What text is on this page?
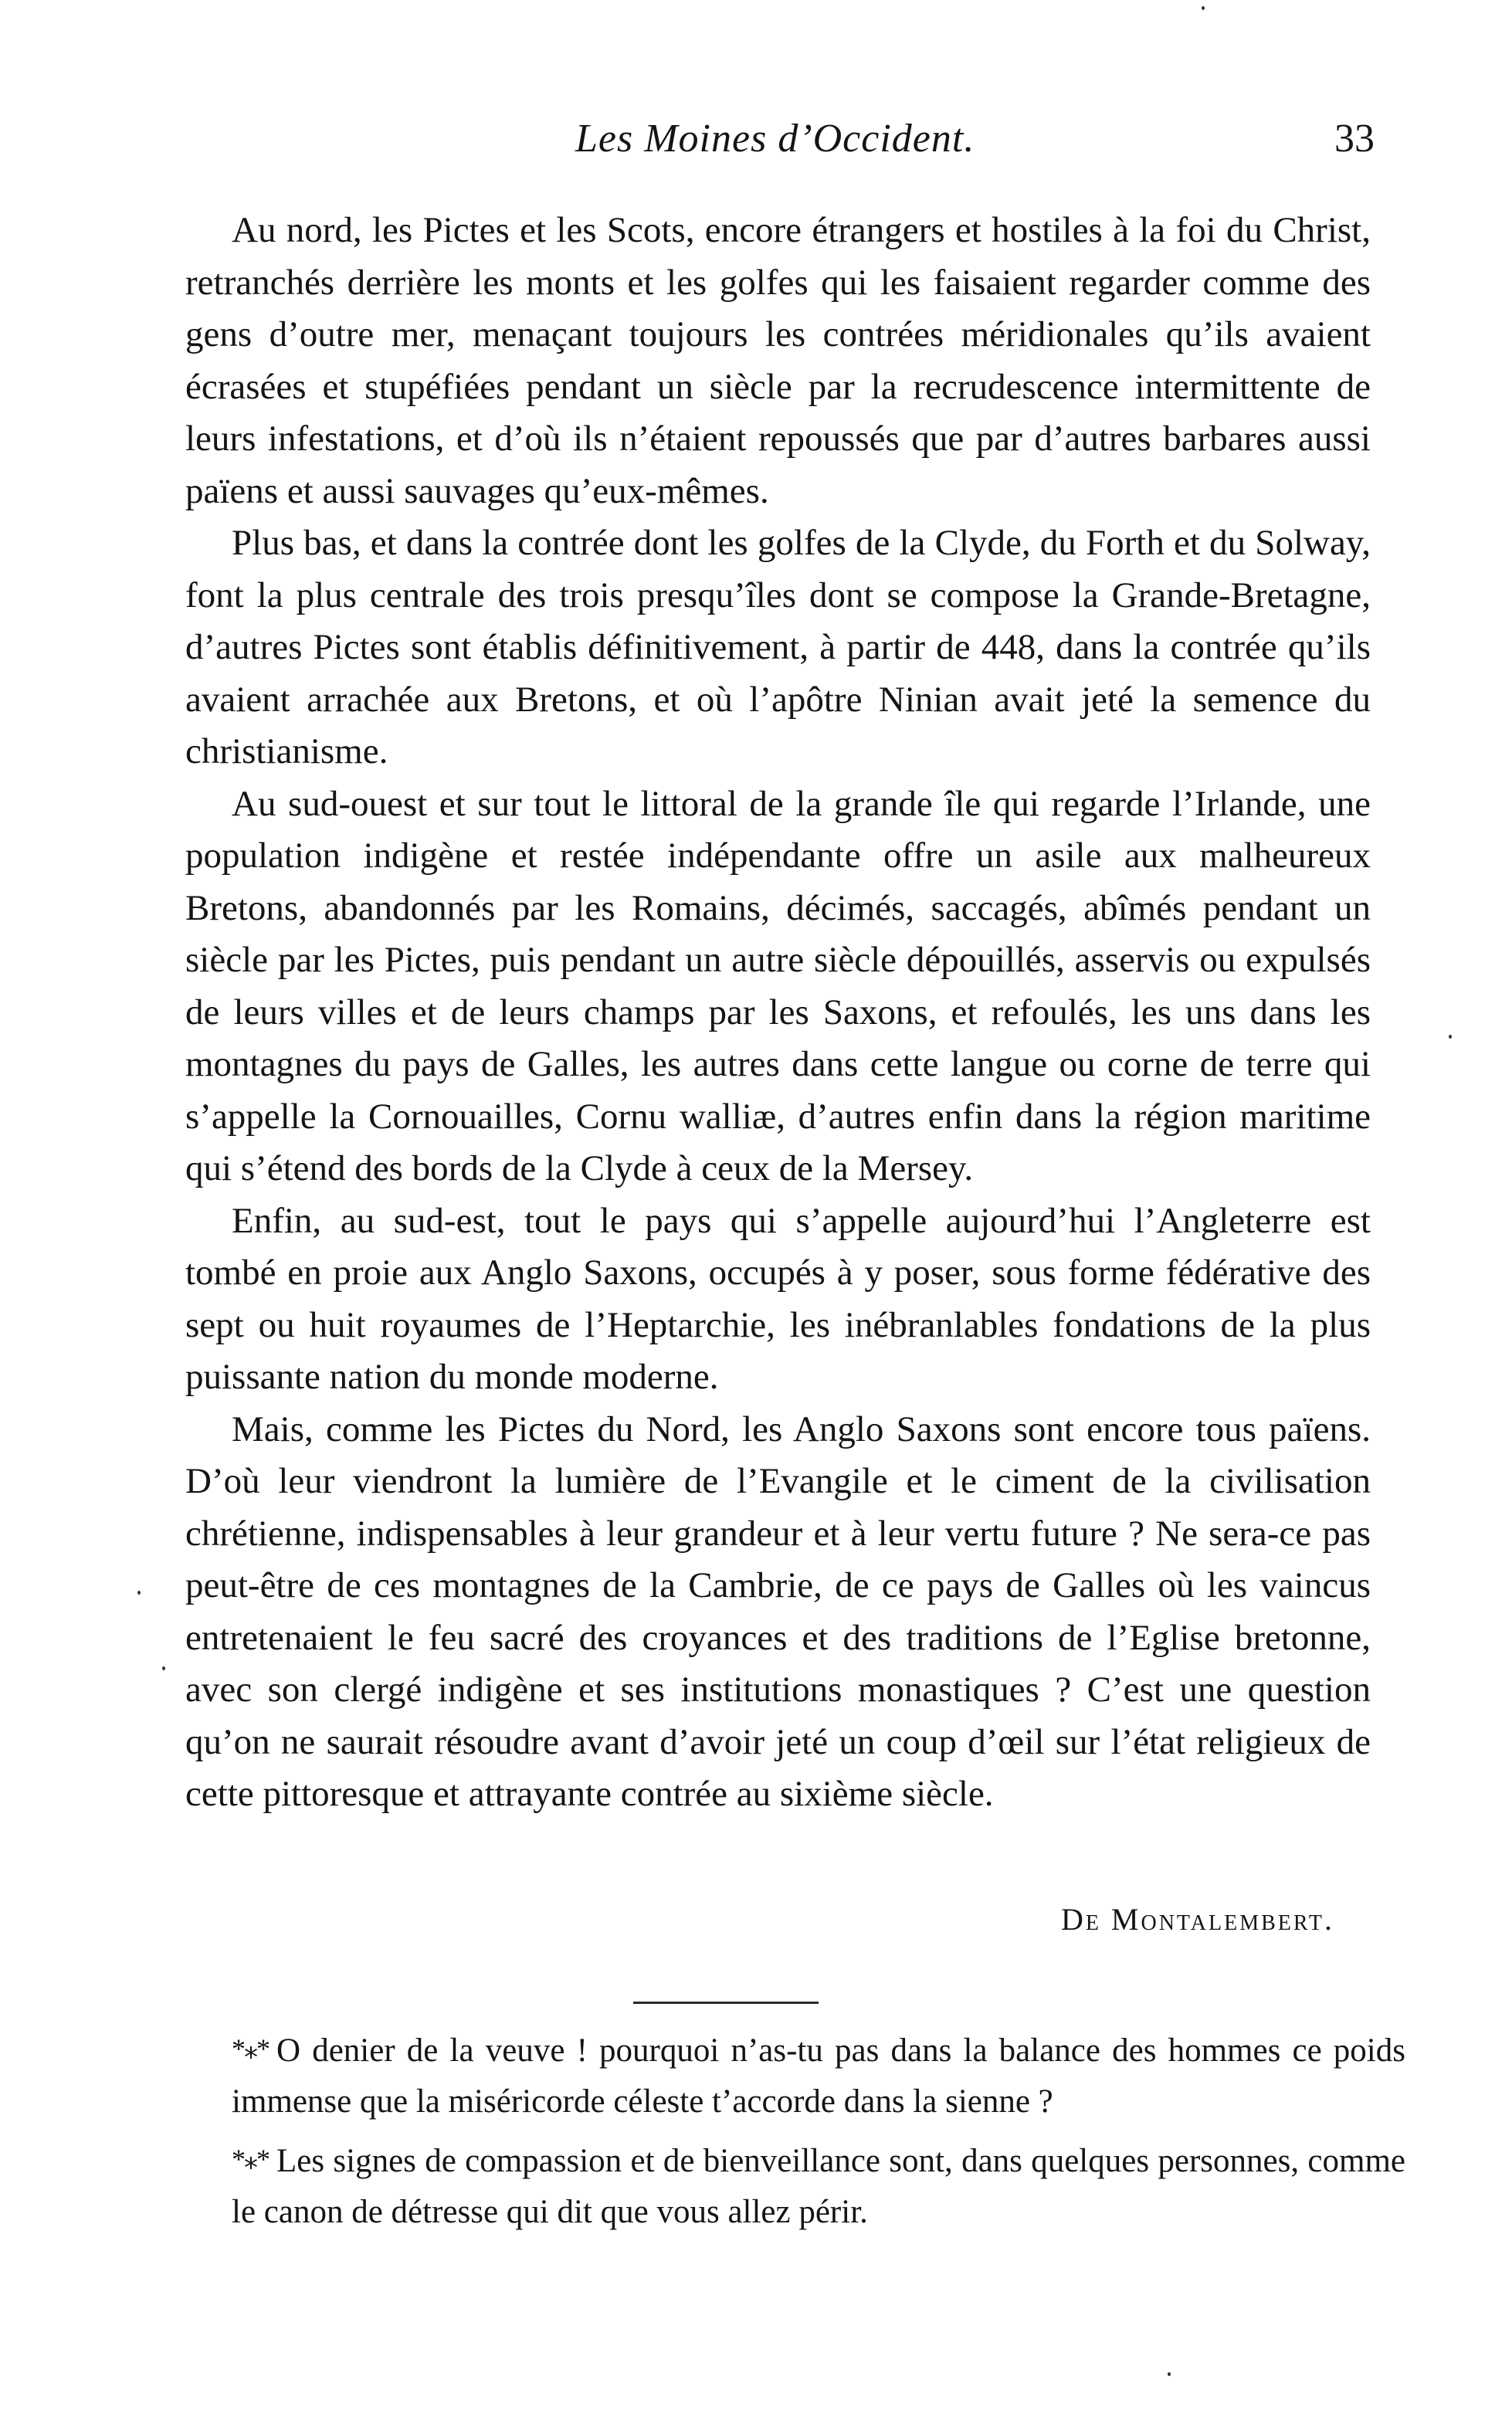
Les Moines d’Occident.	33

Au nord, les Pictes et les Scots, encore étrangers et hostiles à la foi du Christ, retranchés derrière les monts et les golfes qui les faisaient regarder comme des gens d’outre mer, menaçant toujours les contrées méridionales qu’ils avaient écrasées et stupéfiées pendant un siècle par la recrudescence intermittente de leurs infestations, et d’où ils n’étaient repoussés que par d’autres barbares aussi païens et aussi sauvages qu’eux-mêmes.

Plus bas, et dans la contrée dont les golfes de la Clyde, du Forth et du Solway, font la plus centrale des trois presqu’îles dont se compose la Grande-Bretagne, d’autres Pictes sont établis définitivement, à partir de 448, dans la contrée qu’ils avaient arrachée aux Bretons, et où l’apôtre Ninian avait jeté la semence du christianisme.

Au sud-ouest et sur tout le littoral de la grande île qui regarde l’Irlande, une population indigène et restée indépendante offre un asile aux malheureux Bretons, abandonnés par les Romains, décimés, saccagés, abîmés pendant un siècle par les Pictes, puis pendant un autre siècle dépouillés, asservis ou expulsés de leurs villes et de leurs champs par les Saxons, et refoulés, les uns dans les montagnes du pays de Galles, les autres dans cette langue ou corne de terre qui s’appelle la Cornouailles, Cornu walliæ, d’autres enfin dans la région maritime qui s’étend des bords de la Clyde à ceux de la Mersey.

Enfin, au sud-est, tout le pays qui s’appelle aujourd’hui l’Angleterre est tombé en proie aux Anglo Saxons, occupés à y poser, sous forme fédérative des sept ou huit royaumes de l’Heptarchie, les inébranlables fondations de la plus puissante nation du monde moderne.

Mais, comme les Pictes du Nord, les Anglo Saxons sont encore tous païens. D’où leur viendront la lumière de l’Evangile et le ciment de la civilisation chrétienne, indispensables à leur grandeur et à leur vertu future ? Ne sera-ce pas peut-être de ces montagnes de la Cambrie, de ce pays de Galles où les vaincus entretenaient le feu sacré des croyances et des traditions de l’Eglise bretonne, avec son clergé indigène et ses institutions monastiques ? C’est une question qu’on ne saurait résoudre avant d’avoir jeté un coup d’œil sur l’état religieux de cette pittoresque et attrayante contrée au sixième siècle.

De Montalembert.

*⁎* O denier de la veuve ! pourquoi n’as-tu pas dans la balance des hommes ce poids immense que la miséricorde céleste t’accorde dans la sienne ?

*⁎* Les signes de compassion et de bienveillance sont, dans quelques personnes, comme le canon de détresse qui dit que vous allez périr.
